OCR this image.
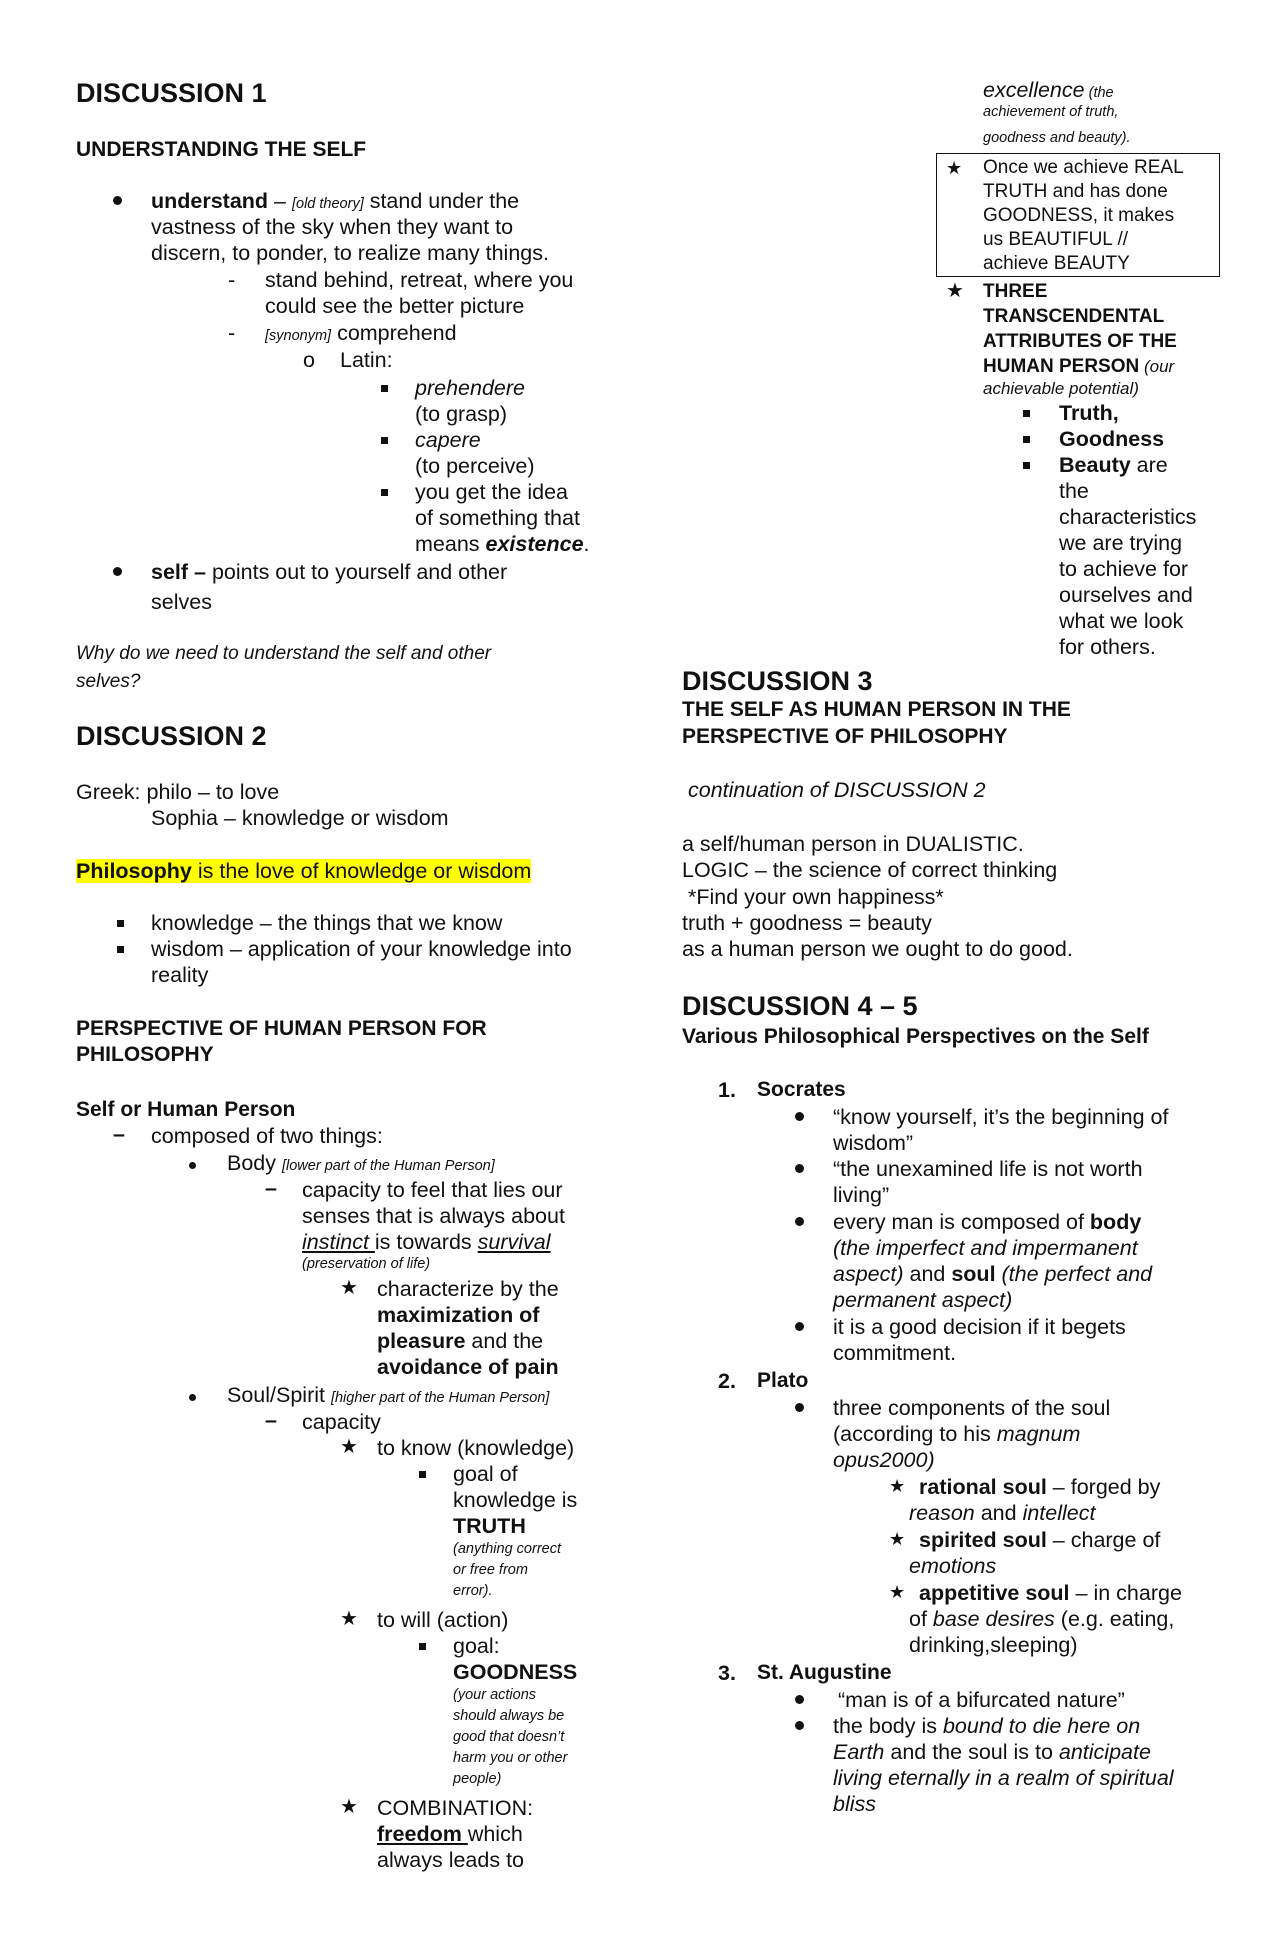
DISCUSSION 1
UNDERSTANDING THE SELF
understand – [old theory] stand under the
vastness of the sky when they want to
discern, to ponder, to realize many things.
- stand behind, retreat, where you
could see the better picture
- [synonym] comprehend
o Latin:
prehendere
(to grasp)
capere
(to perceive)
you get the idea
of something that
means existence.
self – points out to yourself and other
selves
Why do we need to understand the self and other
selves?
DISCUSSION 2
Greek: philo – to love
Sophia – knowledge or wisdom
Philosophy is the love of knowledge or wisdom
knowledge – the things that we know
wisdom – application of your knowledge into
reality
PERSPECTIVE OF HUMAN PERSON FOR
PHILOSOPHY
Self or Human Person
– composed of two things:
Body [lower part of the Human Person]
– capacity to feel that lies our
senses that is always about
instinct is towards survival
(preservation of life)
★ characterize by the
maximization of
pleasure and the
avoidance of pain
Soul/Spirit [higher part of the Human Person]
– capacity
★ to know (knowledge)
goal of
knowledge is
TRUTH
(anything correct
or free from
error).
★ to will (action)
goal:
GOODNESS
(your actions
should always be
good that doesn’t
harm you or other
people)
★ COMBINATION:
freedom which
always leads to
excellence (the
achievement of truth,
goodness and beauty).
★ Once we achieve REAL
TRUTH and has done
GOODNESS, it makes
us BEAUTIFUL //
achieve BEAUTY
★ THREE
TRANSCENDENTAL
ATTRIBUTES OF THE
HUMAN PERSON (our
achievable potential)
Truth,
Goodness
Beauty are
the
characteristics
we are trying
to achieve for
ourselves and
what we look
for others.
DISCUSSION 3
THE SELF AS HUMAN PERSON IN THE
PERSPECTIVE OF PHILOSOPHY
continuation of DISCUSSION 2
a self/human person in DUALISTIC.
LOGIC – the science of correct thinking
*Find your own happiness*
truth + goodness = beauty
as a human person we ought to do good.
DISCUSSION 4 – 5
Various Philosophical Perspectives on the Self
1. Socrates
“know yourself, it’s the beginning of
wisdom”
“the unexamined life is not worth
living”
every man is composed of body
(the imperfect and impermanent
aspect) and soul (the perfect and
permanent aspect)
it is a good decision if it begets
commitment.
2. Plato
three components of the soul
(according to his magnum
opus2000)
★ rational soul – forged by
reason and intellect
★ spirited soul – charge of
emotions
★ appetitive soul – in charge
of base desires (e.g. eating,
drinking,sleeping)
3. St. Augustine
“man is of a bifurcated nature”
the body is bound to die here on
Earth and the soul is to anticipate
living eternally in a realm of spiritual
bliss
